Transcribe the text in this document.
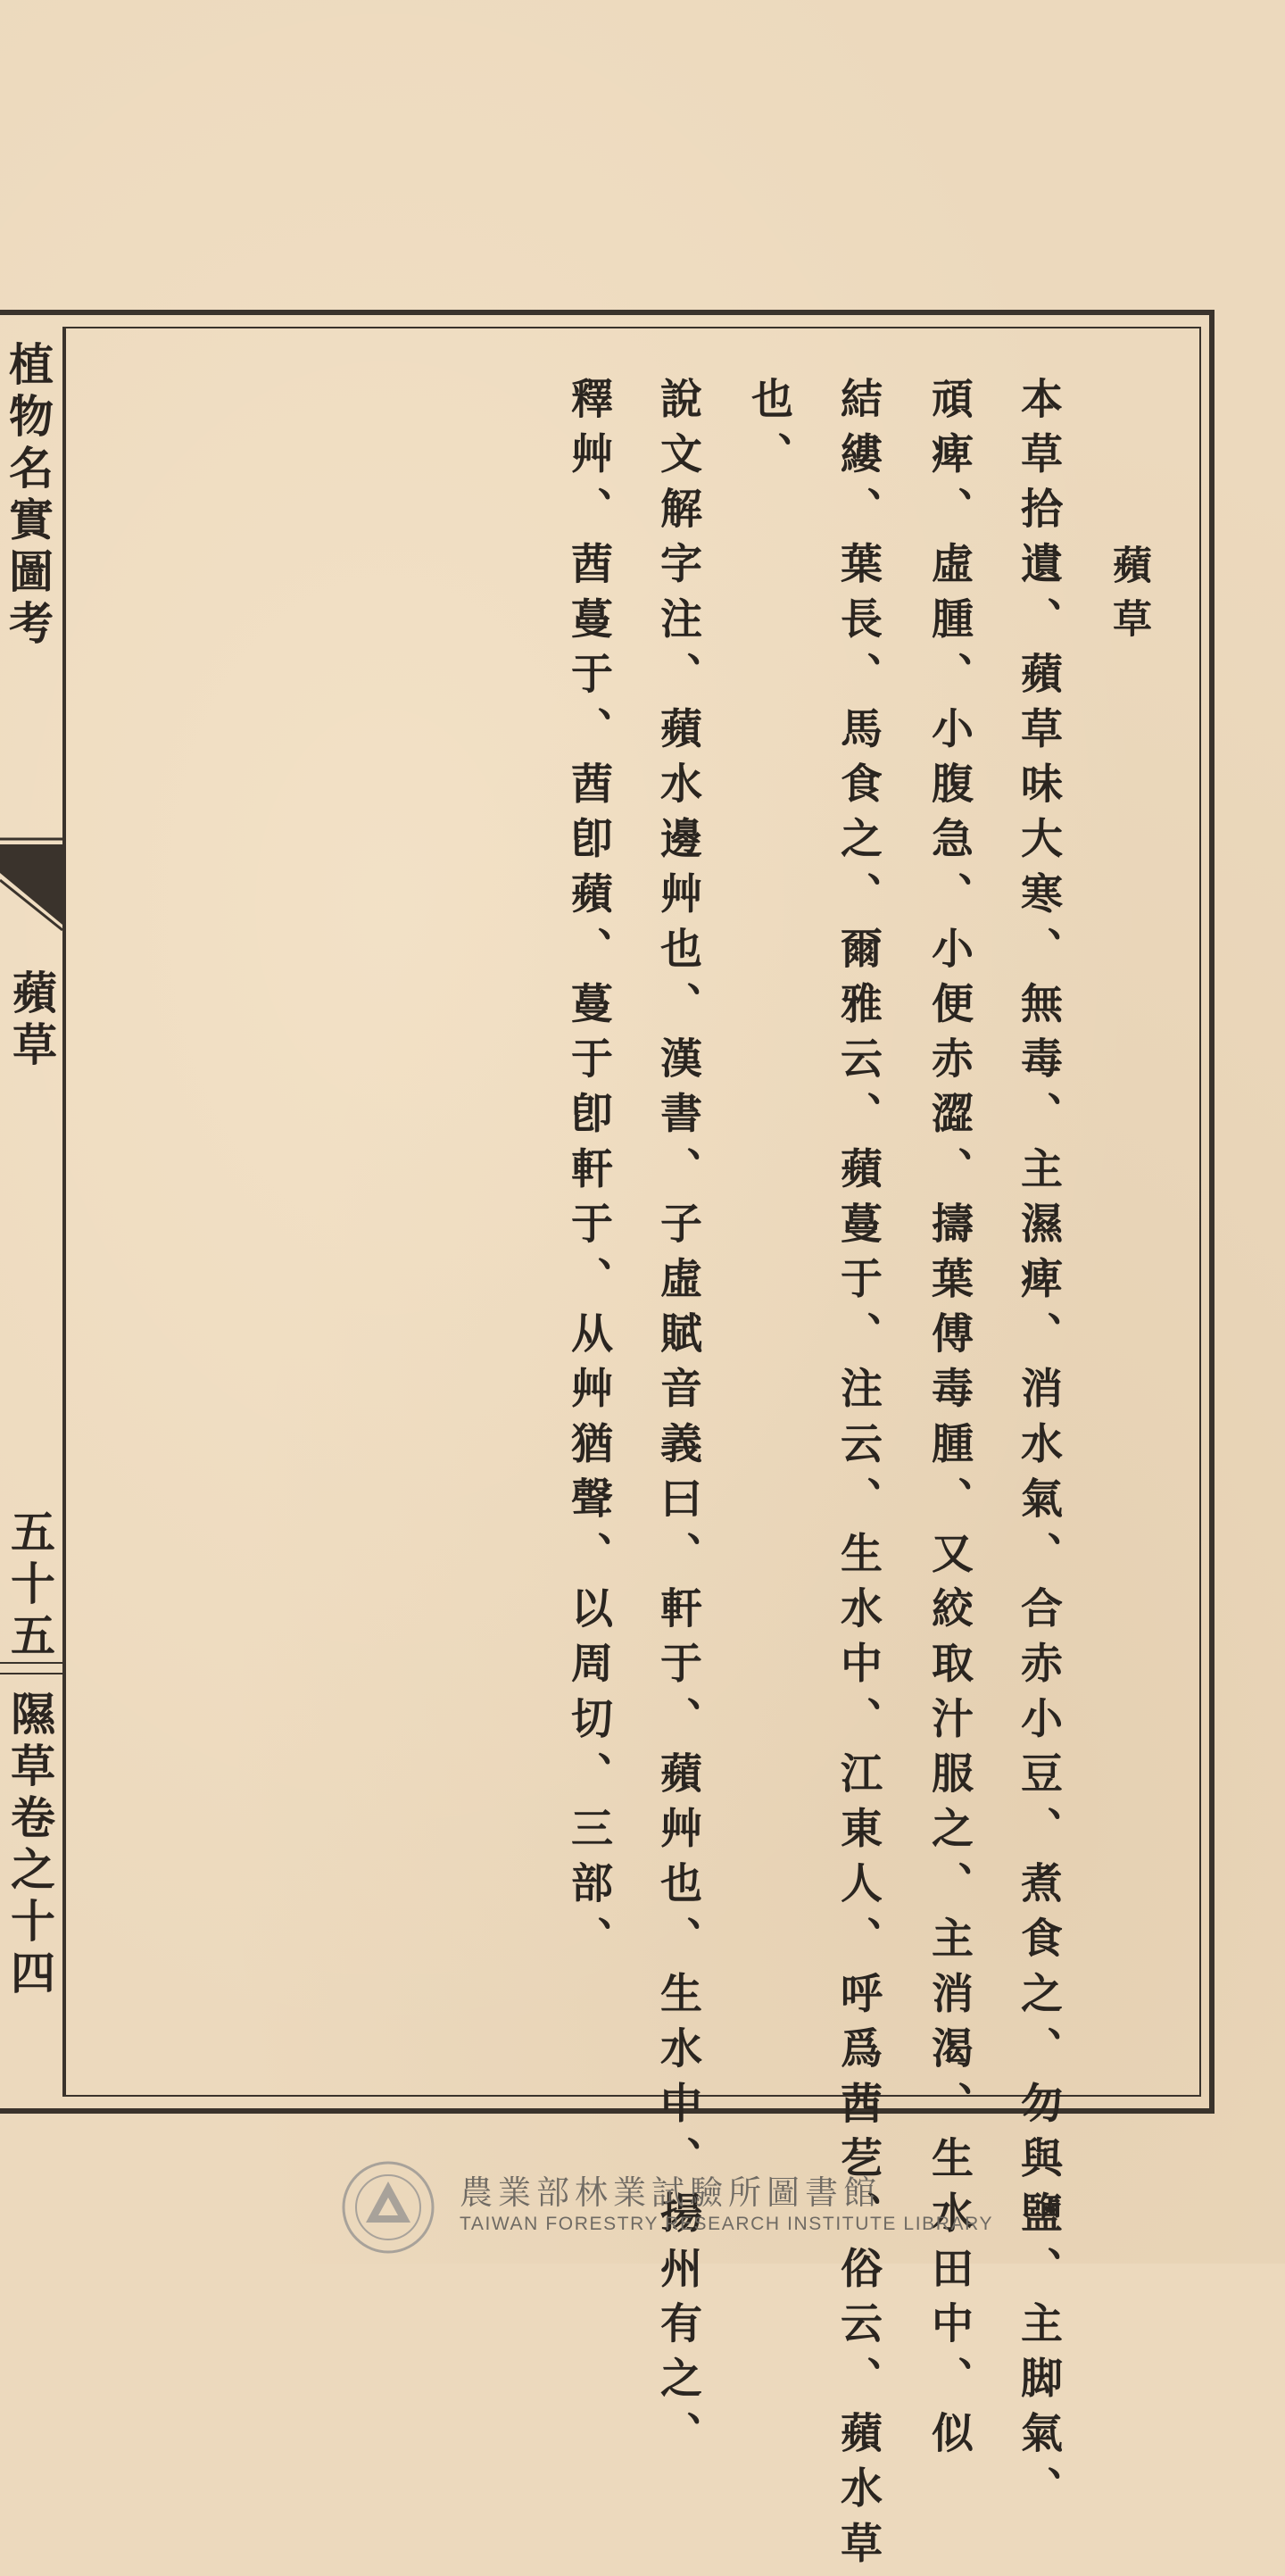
植物名實圖考
蘋草
五十五
隰草卷之十四
蘋草
本草拾遺、蘋草味大寒、無毒、主濕痺、消水氣、合赤小豆、煮食之、勿與鹽、主脚氣、
頑痺、虛腫、小腹急、小便赤澀、擣葉傅毒腫、又絞取汁服之、主消渴、生水田中、似
結縷、葉長、馬食之、爾雅云、蘋蔓于、注云、生水中、江東人、呼爲莤䒗、俗云、蘋水草
也、
說文解字注、蘋水邊艸也、漢書、子虛賦音義曰、軒于、蘋艸也、生水中、揚州有之、
釋艸、莤蔓于、莤卽蘋、蔓于卽軒于、从艸猶聲、以周切、三部、
農業部林業試驗所圖書館
TAIWAN FORESTRY RESEARCH INSTITUTE LIBRARY
